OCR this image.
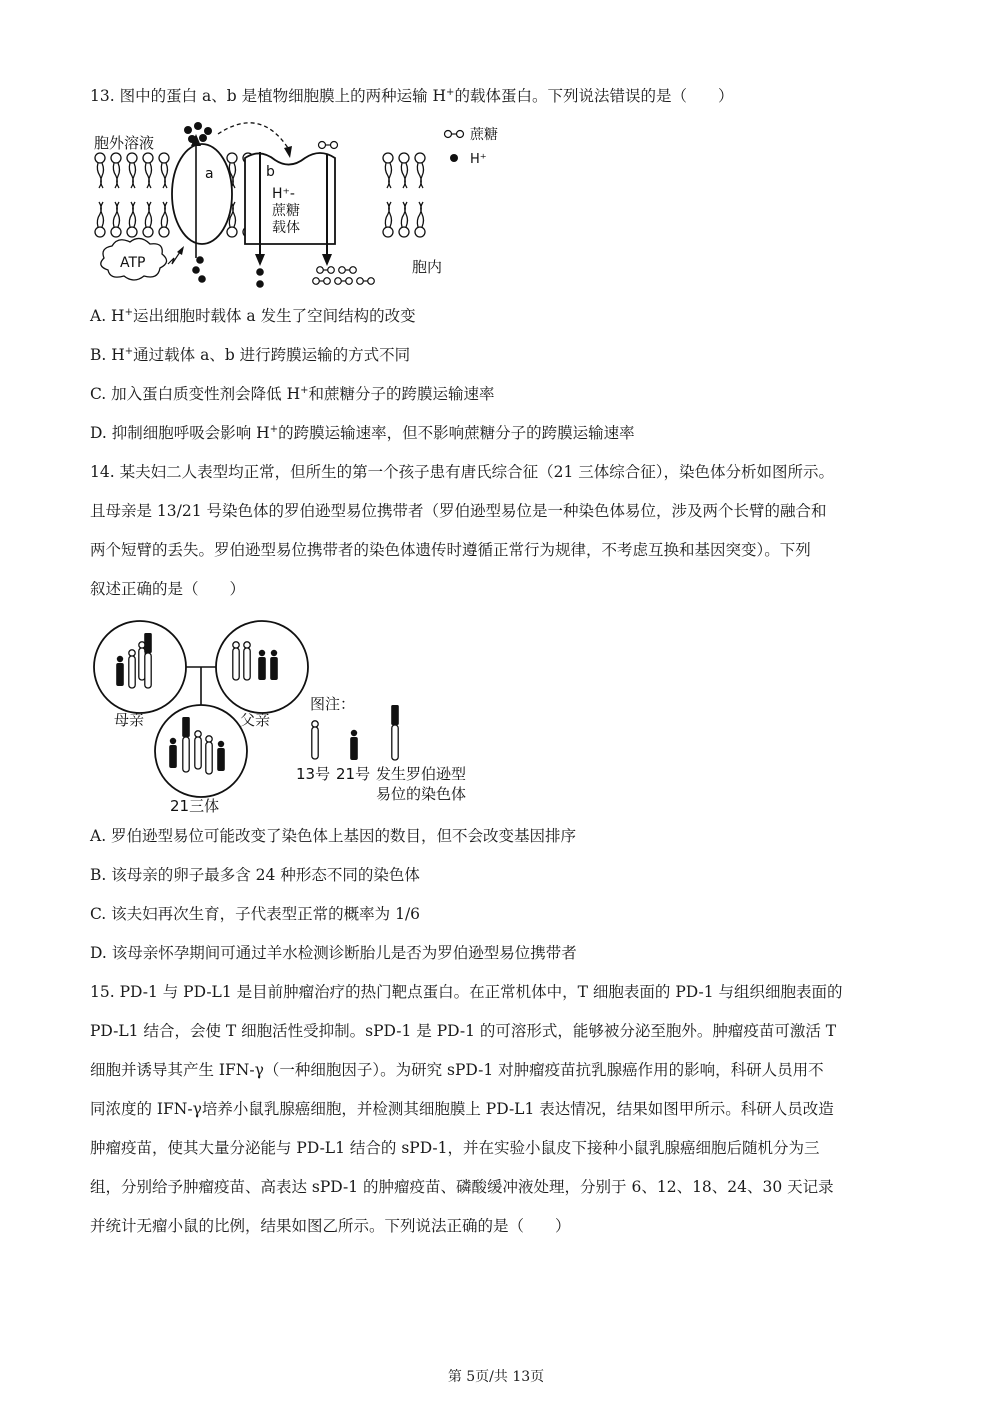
13. 图中的蛋白 a、b 是植物细胞膜上的两种运输 H+的载体蛋白。下列说法错误的是（　　）
a
ATP
b
H⁺-
蔗糖
载体
胞外溶液
胞内
蔗糖
H⁺
A. H+运出细胞时载体 a 发生了空间结构的改变
B. H+通过载体 a、b 进行跨膜运输的方式不同
C. 加入蛋白质变性剂会降低 H+和蔗糖分子的跨膜运输速率
D. 抑制细胞呼吸会影响 H+的跨膜运输速率，但不影响蔗糖分子的跨膜运输速率
14. 某夫妇二人表型均正常，但所生的第一个孩子患有唐氏综合征（21 三体综合征），染色体分析如图所示。
且母亲是 13/21 号染色体的罗伯逊型易位携带者（罗伯逊型易位是一种染色体易位，涉及两个长臂的融合和
两个短臂的丢失。罗伯逊型易位携带者的染色体遗传时遵循正常行为规律，不考虑互换和基因突变）。下列
叙述正确的是（　　）
母亲	父亲
21三体
图注：
13号 21号 发生罗伯逊型
易位的染色体
A. 罗伯逊型易位可能改变了染色体上基因的数目，但不会改变基因排序
B. 该母亲的卵子最多含 24 种形态不同的染色体
C. 该夫妇再次生育，子代表型正常的概率为 1/6
D. 该母亲怀孕期间可通过羊水检测诊断胎儿是否为罗伯逊型易位携带者
15. PD-1 与 PD-L1 是目前肿瘤治疗的热门靶点蛋白。在正常机体中，T 细胞表面的 PD-1 与组织细胞表面的
PD-L1 结合，会使 T 细胞活性受抑制。sPD-1 是 PD-1 的可溶形式，能够被分泌至胞外。肿瘤疫苗可激活 T
细胞并诱导其产生 IFN-γ（一种细胞因子）。为研究 sPD-1 对肿瘤疫苗抗乳腺癌作用的影响，科研人员用不
同浓度的 IFN-γ培养小鼠乳腺癌细胞，并检测其细胞膜上 PD-L1 表达情况，结果如图甲所示。科研人员改造
肿瘤疫苗，使其大量分泌能与 PD-L1 结合的 sPD-1，并在实验小鼠皮下接种小鼠乳腺癌细胞后随机分为三
组，分别给予肿瘤疫苗、高表达 sPD-1 的肿瘤疫苗、磷酸缓冲液处理，分别于 6、12、18、24、30 天记录
并统计无瘤小鼠的比例，结果如图乙所示。下列说法正确的是（　　）
第 5页/共 13页
